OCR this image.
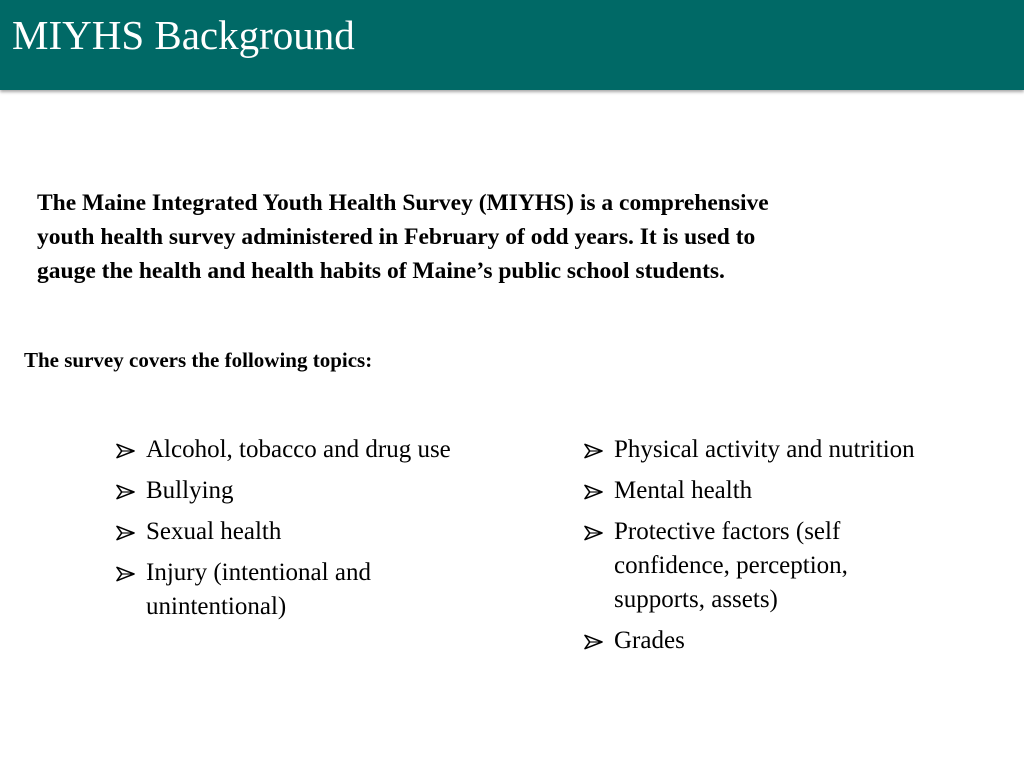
MIYHS Background

The Maine Integrated Youth Health Survey (MIYHS) is a comprehensive
youth health survey administered in February of odd years. It is used to
gauge the health and health habits of Maine’s public school students.

The survey covers the following topics:

Alcohol, tobacco and drug use
Bullying
Sexual health
Injury (intentional and
unintentional)
Physical activity and nutrition
Mental health
Protective factors (self
confidence, perception,
supports, assets)
Grades
